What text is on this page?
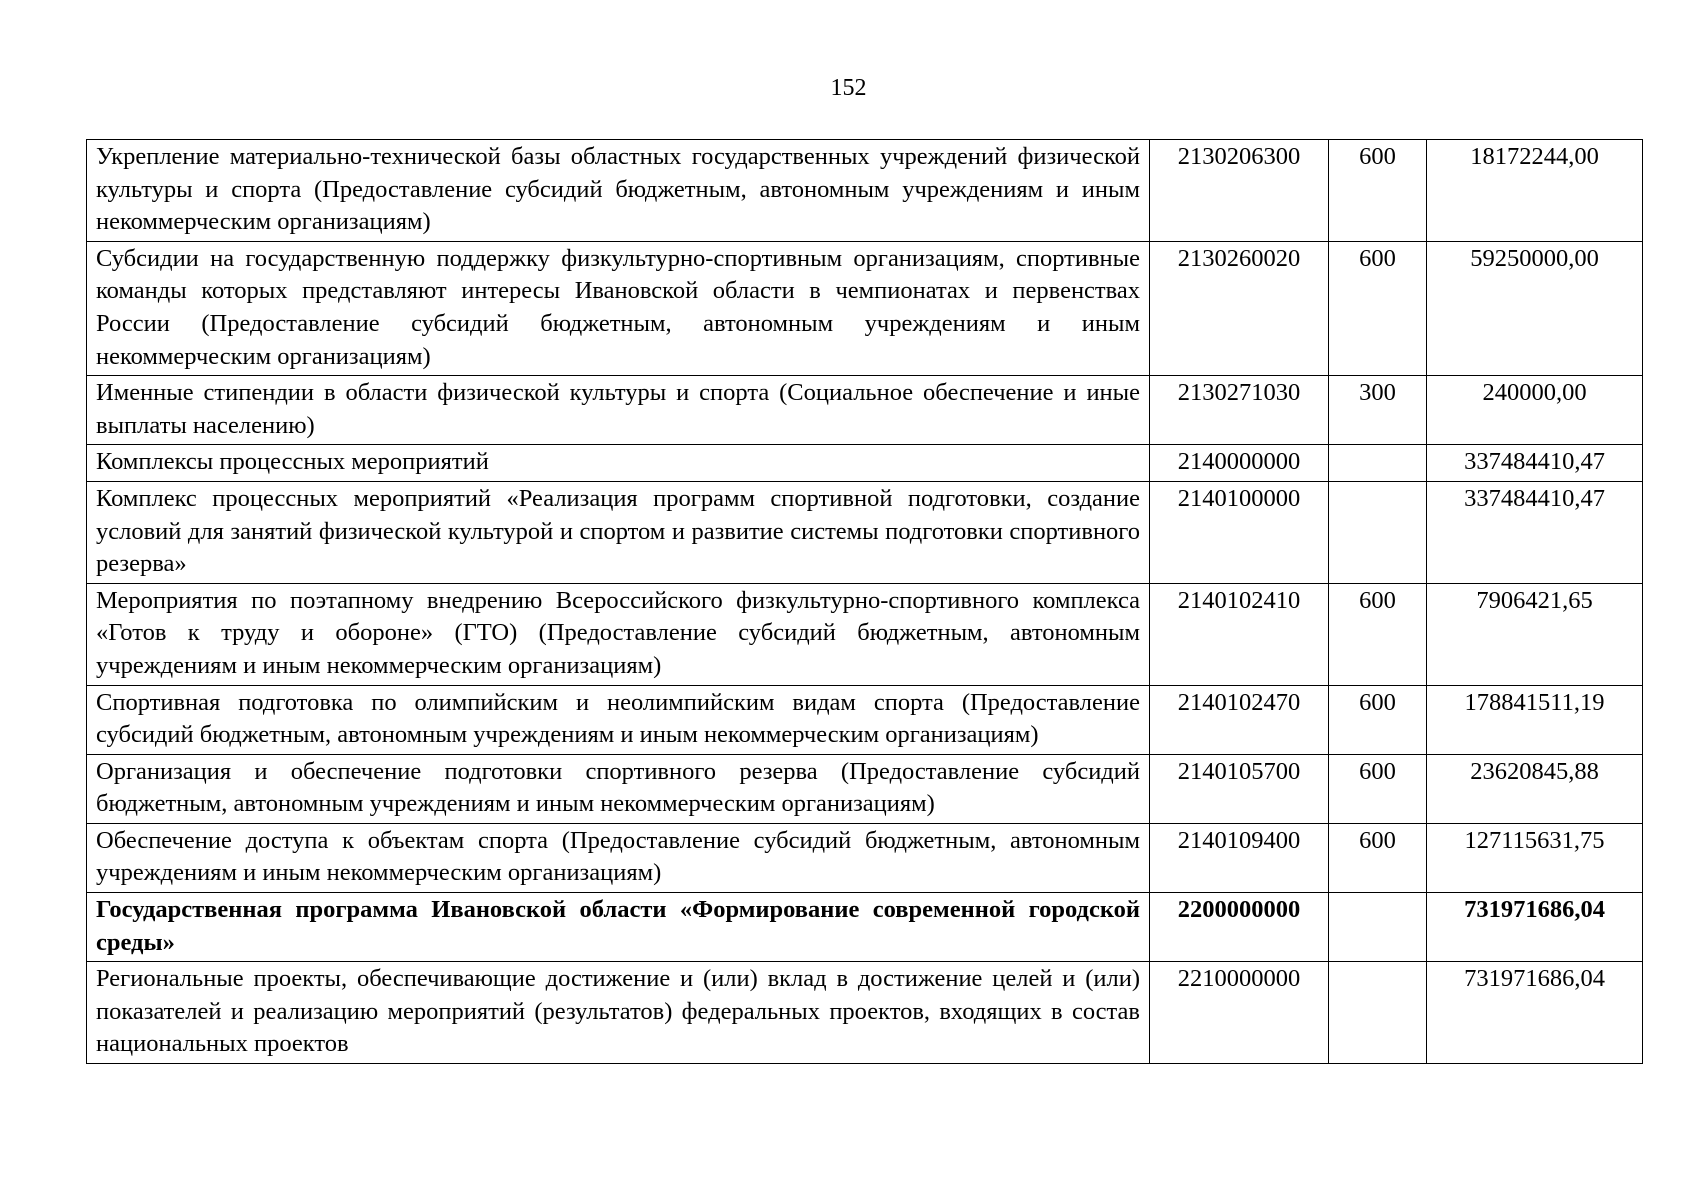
152
Укрепление материально-технической базы областных государственных учреждений физической культуры и спорта (Предоставление субсидий бюджетным, автономным учреждениям и иным некоммерческим организациям)	2130206300	600	18172244,00
Субсидии на государственную поддержку физкультурно-спортивным организациям, спортивные команды которых представляют интересы Ивановской области в чемпионатах и первенствах России (Предоставление субсидий бюджетным, автономным учреждениям и иным некоммерческим организациям)	2130260020	600	59250000,00
Именные стипендии в области физической культуры и спорта (Социальное обеспечение и иные выплаты населению)	2130271030	300	240000,00
Комплексы процессных мероприятий	2140000000		337484410,47
Комплекс процессных мероприятий «Реализация программ спортивной подготовки, создание условий для занятий физической культурой и спортом и развитие системы подготовки спортивного резерва»	2140100000		337484410,47
Мероприятия по поэтапному внедрению Всероссийского физкультурно-спортивного комплекса «Готов к труду и обороне» (ГТО) (Предоставление субсидий бюджетным, автономным учреждениям и иным некоммерческим организациям)	2140102410	600	7906421,65
Спортивная подготовка по олимпийским и неолимпийским видам спорта (Предоставление субсидий бюджетным, автономным учреждениям и иным некоммерческим организациям)	2140102470	600	178841511,19
Организация и обеспечение подготовки спортивного резерва (Предоставление субсидий бюджетным, автономным учреждениям и иным некоммерческим организациям)	2140105700	600	23620845,88
Обеспечение доступа к объектам спорта (Предоставление субсидий бюджетным, автономным учреждениям и иным некоммерческим организациям)	2140109400	600	127115631,75
Государственная программа Ивановской области «Формирование современной городской среды»	2200000000		731971686,04
Региональные проекты, обеспечивающие достижение и (или) вклад в достижение целей и (или) показателей и реализацию мероприятий (результатов) федеральных проектов, входящих в состав национальных проектов	2210000000		731971686,04
